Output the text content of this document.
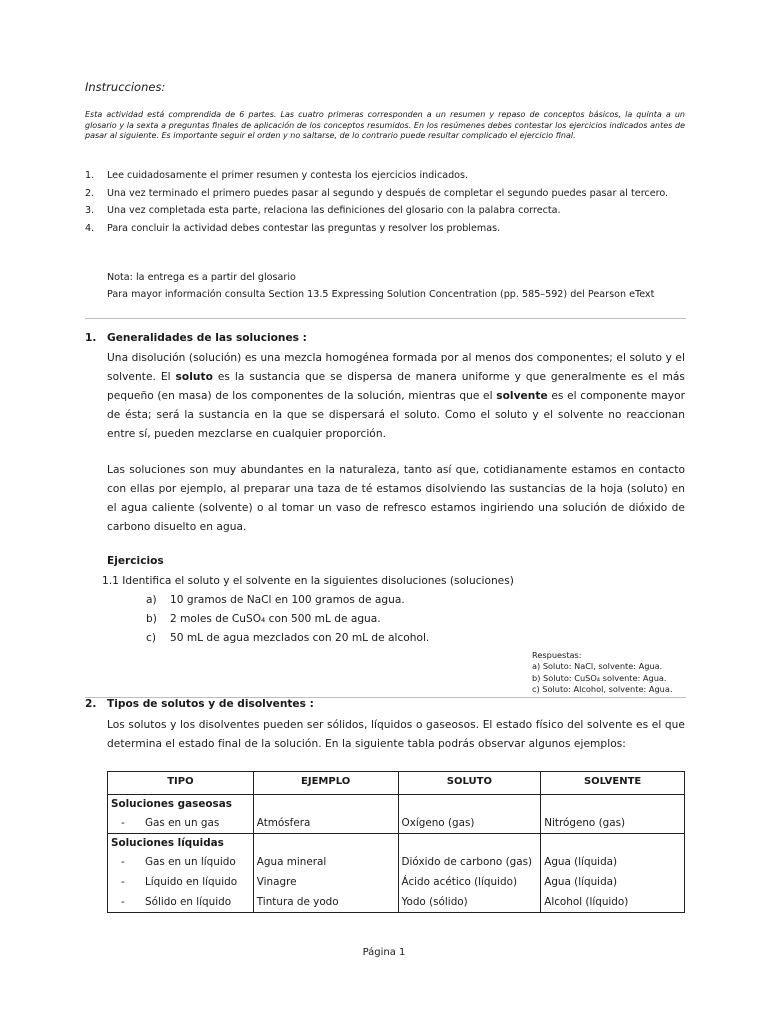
Instrucciones:
Esta actividad está comprendida de 6 partes. Las cuatro primeras corresponden a un resumen y repaso de conceptos básicos, la quinta a un glosario y la sexta a preguntas finales de aplicación de los conceptos resumidos. En los resúmenes debes contestar los ejercicios indicados antes de pasar al siguiente. Es importante seguir el orden y no saltarse, de lo contrario puede resultar complicado el ejercicio final.
1. Lee cuidadosamente el primer resumen y contesta los ejercicios indicados.
2. Una vez terminado el primero puedes pasar al segundo y después de completar el segundo puedes pasar al tercero.
3. Una vez completada esta parte, relaciona las definiciones del glosario con la palabra correcta.
4. Para concluir la actividad debes contestar las preguntas y resolver los problemas.
Nota: la entrega es a partir del glosario
Para mayor información consulta Section 13.5 Expressing Solution Concentration (pp. 585–592) del Pearson eText
1. Generalidades de las soluciones :
Una disolución (solución) es una mezcla homogénea formada por al menos dos componentes; el soluto y el solvente. El soluto es la sustancia que se dispersa de manera uniforme y que generalmente es el más pequeño (en masa) de los componentes de la solución, mientras que el solvente es el componente mayor de ésta; será la sustancia en la que se dispersará el soluto. Como el soluto y el solvente no reaccionan entre sí, pueden mezclarse en cualquier proporción.
Las soluciones son muy abundantes en la naturaleza, tanto así que, cotidianamente estamos en contacto con ellas por ejemplo, al preparar una taza de té estamos disolviendo las sustancias de la hoja (soluto) en el agua caliente (solvente) o al tomar un vaso de refresco estamos ingiriendo una solución de dióxido de carbono disuelto en agua.
Ejercicios
1.1 Identifica el soluto y el solvente en la siguientes disoluciones (soluciones)
a) 10 gramos de NaCl en 100 gramos de agua.
b) 2 moles de CuSO₄ con 500 mL de agua.
c) 50 mL de agua mezclados con 20 mL de alcohol.
Respuestas:
a) Soluto: NaCl, solvente: Agua.
b) Soluto: CuSO₄ solvente: Agua.
c) Soluto: Alcohol, solvente: Agua.
2. Tipos de solutos y de disolventes :
Los solutos y los disolventes pueden ser sólidos, líquidos o gaseosos. El estado físico del solvente es el que determina el estado final de la solución. En la siguiente tabla podrás observar algunos ejemplos:
TIPO	EJEMPLO	SOLUTO	SOLVENTE
Soluciones gaseosas			

- Gas en un gas	Atmósfera	Oxígeno (gas)	Nitrógeno (gas)
Soluciones líquidas			

- Gas en un líquido	Agua mineral	Dióxido de carbono (gas)	Agua (líquida)

- Líquido en líquido	Vinagre	Ácido acético (líquido)	Agua (líquida)

- Sólido en líquido	Tintura de yodo	Yodo (sólido)	Alcohol (líquido)
Página 1
